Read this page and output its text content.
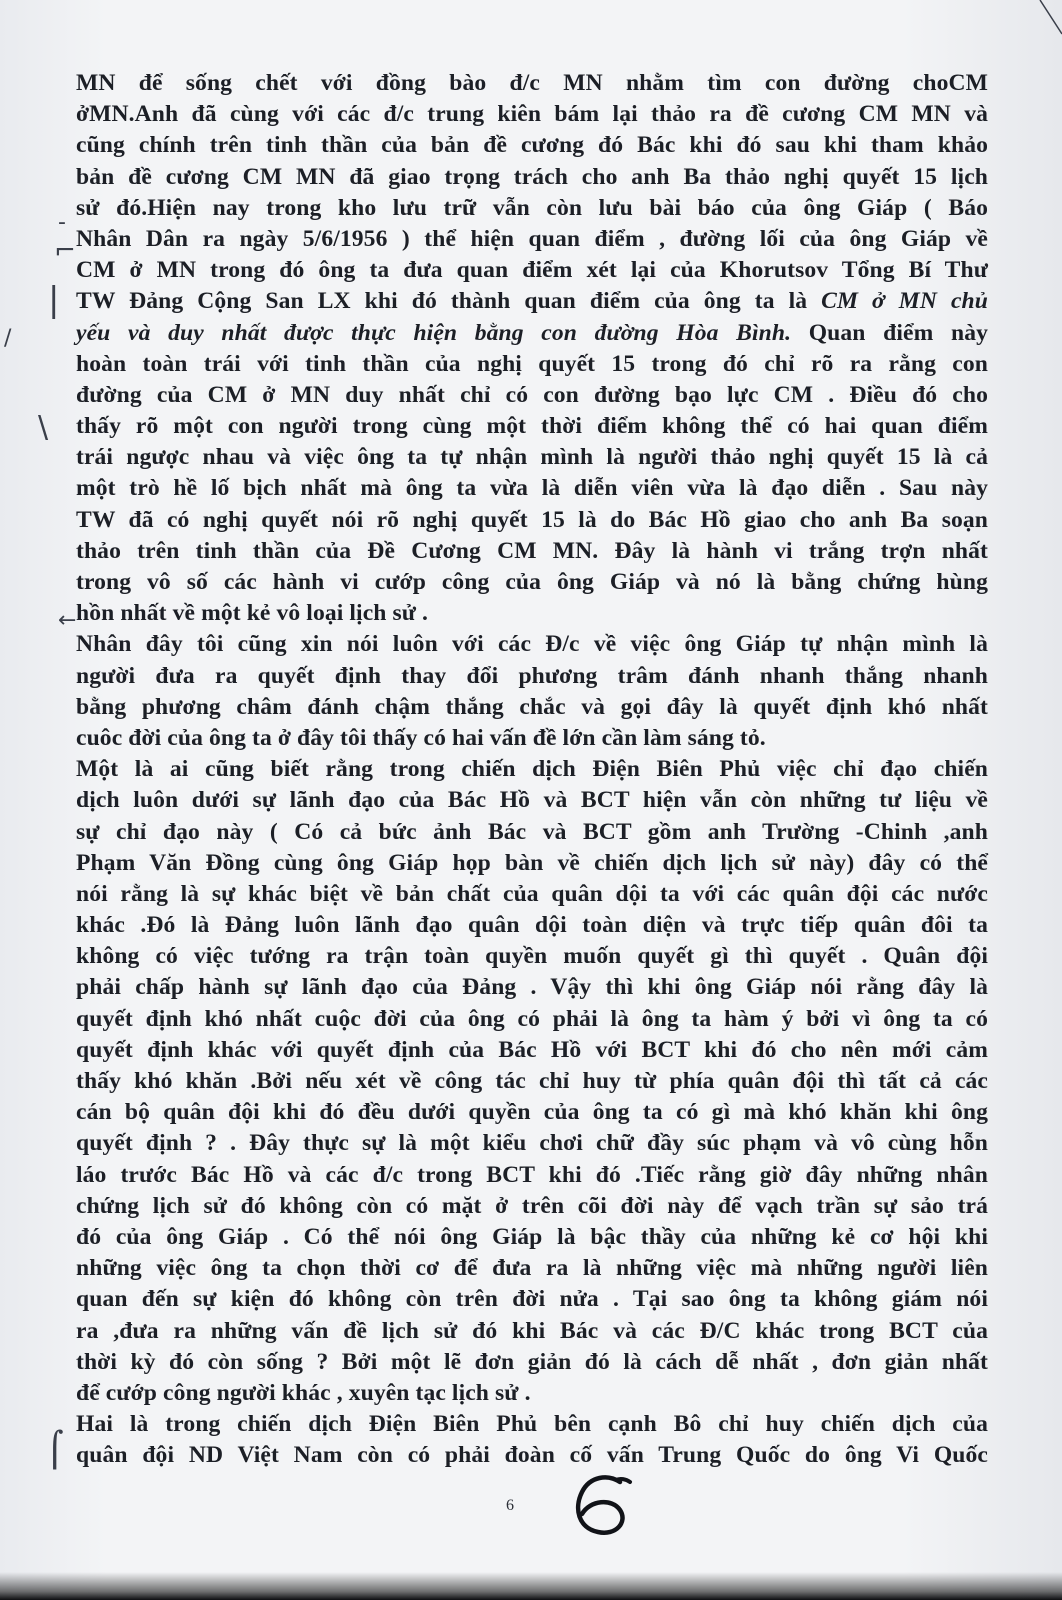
-
⌐
|
/
\
←
⌠
MN để sống chết với đồng bào đ/c MN nhằm tìm con đường choCM
ởMN.Anh đã cùng với các đ/c trung kiên bám lại thảo ra đề cương CM MN và
cũng chính trên tinh thần của bản đề cương đó Bác khi đó sau khi tham khảo
bản đề cương CM MN đã giao trọng trách cho anh Ba thảo nghị quyết 15 lịch
sử đó.Hiện nay trong kho lưu trữ vẫn còn lưu bài báo của ông Giáp ( Báo
Nhân Dân ra ngày 5/6/1956 ) thể hiện quan điểm , đường lối của ông Giáp về
CM ở MN trong đó ông ta đưa quan điểm xét lại của Khorutsov Tổng Bí Thư
TW Đảng Cộng San LX khi đó thành quan điểm của ông ta là CM ở MN chủ
yếu và duy nhất được thực hiện bằng con đường Hòa Bình. Quan điểm này
hoàn toàn trái với tinh thần của nghị quyết 15 trong đó chỉ rõ ra rằng con
đường của CM ở MN duy nhất chỉ có con đường bạo lực CM . Điều đó cho
thấy rõ một con người trong cùng một thời điểm không thể có hai quan điểm
trái ngược nhau và việc ông ta tự nhận mình là người thảo nghị quyết 15 là cả
một trò hề lố bịch nhất mà ông ta vừa là diễn viên vừa là đạo diễn . Sau này
TW đã có nghị quyết nói rõ nghị quyết 15 là do Bác Hồ giao cho anh Ba soạn
thảo trên tinh thần của Đề Cương CM MN. Đây là hành vi trắng trợn nhất
trong vô số các hành vi cướp công của ông Giáp và nó là bằng chứng hùng
hồn nhất về một kẻ vô loại lịch sử .
Nhân đây tôi cũng xin nói luôn với các Đ/c về việc ông Giáp tự nhận mình là
người đưa ra quyết định thay đổi phương trâm đánh nhanh thắng nhanh
bằng phương châm đánh chậm thắng chắc và gọi đây là quyết định khó nhất
cuôc đời của ông ta ở đây tôi thấy có hai vấn đề lớn cần làm sáng tỏ.
Một là ai cũng biết rằng trong chiến dịch Điện Biên Phủ việc chỉ đạo chiến
dịch luôn dưới sự lãnh đạo của Bác Hồ và BCT hiện vẫn còn những tư liệu về
sự chỉ đạo này ( Có cả bức ảnh Bác và BCT gồm anh Trường -Chinh ,anh
Phạm Văn Đồng cùng ông Giáp họp bàn về chiến dịch lịch sử này) đây có thể
nói rằng là sự khác biệt về bản chất của quân dội ta với các quân đội các nước
khác .Đó là Đảng luôn lãnh đạo quân dội toàn diện và trực tiếp quân đôi ta
không có việc tướng ra trận toàn quyền muốn quyết gì thì quyết . Quân đội
phải chấp hành sự lãnh đạo của Đảng . Vậy thì khi ông Giáp nói rằng đây là
quyết định khó nhất cuộc đời của ông có phải là ông ta hàm ý bởi vì ông ta có
quyết định khác với quyết định của Bác Hồ với BCT khi đó cho nên mới cảm
thấy khó khăn .Bởi nếu xét về công tác chỉ huy từ phía quân đội thì tất cả các
cán bộ quân đội khi đó đều dưới quyền của ông ta có gì mà khó khăn khi ông
quyết định ? . Đây thực sự là một kiểu chơi chữ đầy súc phạm và vô cùng hỗn
láo trước Bác Hồ và các đ/c trong BCT khi đó .Tiếc rằng giờ đây những nhân
chứng lịch sử đó không còn có mặt ở trên cõi đời này để vạch trần sự sảo trá
đó của ông Giáp . Có thể nói ông Giáp là bậc thầy của những kẻ cơ hội khi
những việc ông ta chọn thời cơ để đưa ra là những việc mà những người liên
quan đến sự kiện đó không còn trên đời nửa . Tại sao ông ta không giám nói
ra ,đưa ra những vấn đề lịch sử đó khi Bác và các Đ/C khác trong BCT của
thời kỳ đó còn sống ? Bởi một lẽ đơn giản đó là cách dễ nhất , đơn giản nhất
để cướp công người khác , xuyên tạc lịch sử .
Hai là trong chiến dịch Điện Biên Phủ bên cạnh Bô chỉ huy chiến dịch của
quân đội ND Việt Nam còn có phải đoàn cố vấn Trung Quốc do ông Vi Quốc
6
